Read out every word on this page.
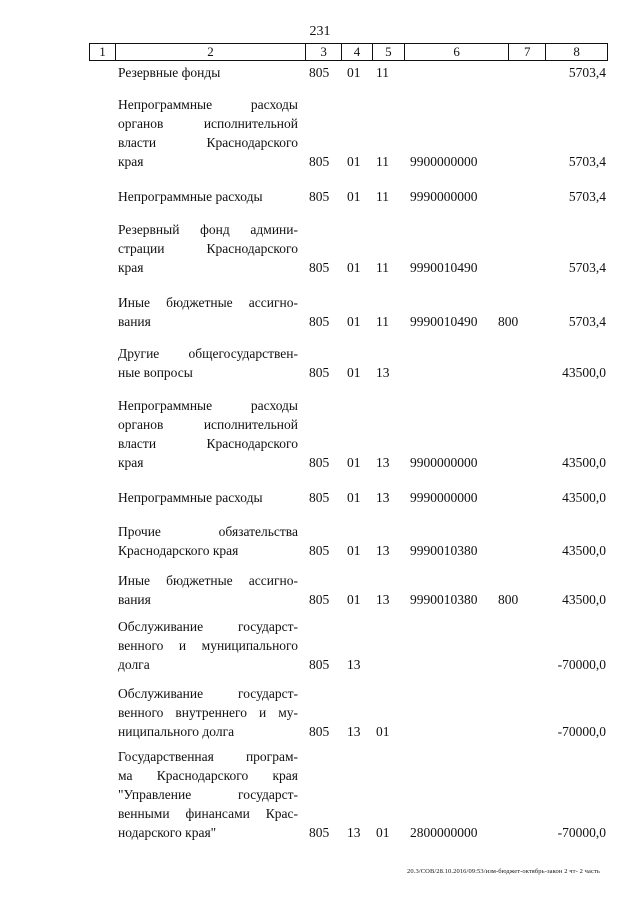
231
1	2	3	4	5	6	7	8
Резервные фонды	805 01 11	5703,4
Непрограммные расходы
органов исполнительной
власти Краснодарского
края	805 01 11 9900000000	5703,4
Непрограммные расходы	805 01 11 9990000000	5703,4
Резервный фонд админи-
страции Краснодарского
края	805 01 11 9990010490	5703,4
Иные бюджетные ассигно-
вания	805 01 11 9990010490 800	5703,4
Другие общегосударствен-
ные вопросы	805 01 13	43500,0
Непрограммные расходы
органов исполнительной
власти Краснодарского
края	805 01 13 9900000000	43500,0
Непрограммные расходы	805 01 13 9990000000	43500,0
Прочие обязательства
Краснодарского края	805 01 13 9990010380	43500,0
Иные бюджетные ассигно-
вания	805 01 13 9990010380 800	43500,0
Обслуживание государст-
венного и муниципального
долга	805 13	-70000,0
Обслуживание государст-
венного внутреннего и му-
ниципального долга	805 13 01	-70000,0
Государственная програм-
ма Краснодарского края
"Управление государст-
венными финансами Крас-
нодарского края"	805 13 01 2800000000	-70000,0
20.3/СОВ/28.10.2016/09:53/изм-бюджет-октябрь-закон 2 чт- 2 часть
